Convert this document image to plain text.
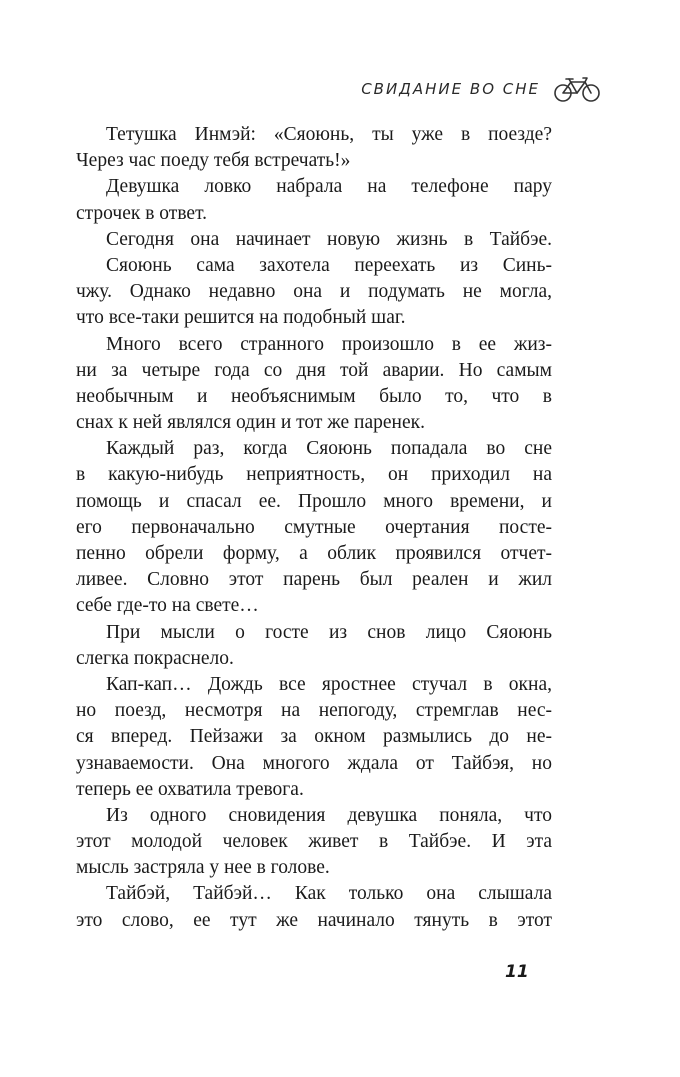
СВИДАНИЕ ВО СНЕ
Тетушка Инмэй: «Сяоюнь, ты уже в поезде?
Через час поеду тебя встречать!»
Девушка ловко набрала на телефоне пару
строчек в ответ.
Сегодня она начинает новую жизнь в Тайбэе.
Сяоюнь сама захотела переехать из Синь-
чжу. Однако недавно она и подумать не могла,
что все-таки решится на подобный шаг.
Много всего странного произошло в ее жиз-
ни за четыре года со дня той аварии. Но самым
необычным и необъяснимым было то, что в
снах к ней являлся один и тот же паренек.
Каждый раз, когда Сяоюнь попадала во сне
в какую-нибудь неприятность, он приходил на
помощь и спасал ее. Прошло много времени, и
его первоначально смутные очертания посте-
пенно обрели форму, а облик проявился отчет-
ливее. Словно этот парень был реален и жил
себе где-то на свете…
При мысли о госте из снов лицо Сяоюнь
слегка покраснело.
Кап-кап… Дождь все яростнее стучал в окна,
но поезд, несмотря на непогоду, стремглав нес-
ся вперед. Пейзажи за окном размылись до не-
узнаваемости. Она многого ждала от Тайбэя, но
теперь ее охватила тревога.
Из одного сновидения девушка поняла, что
этот молодой человек живет в Тайбэе. И эта
мысль застряла у нее в голове.
Тайбэй, Тайбэй… Как только она слышала
это слово, ее тут же начинало тянуть в этот
11
